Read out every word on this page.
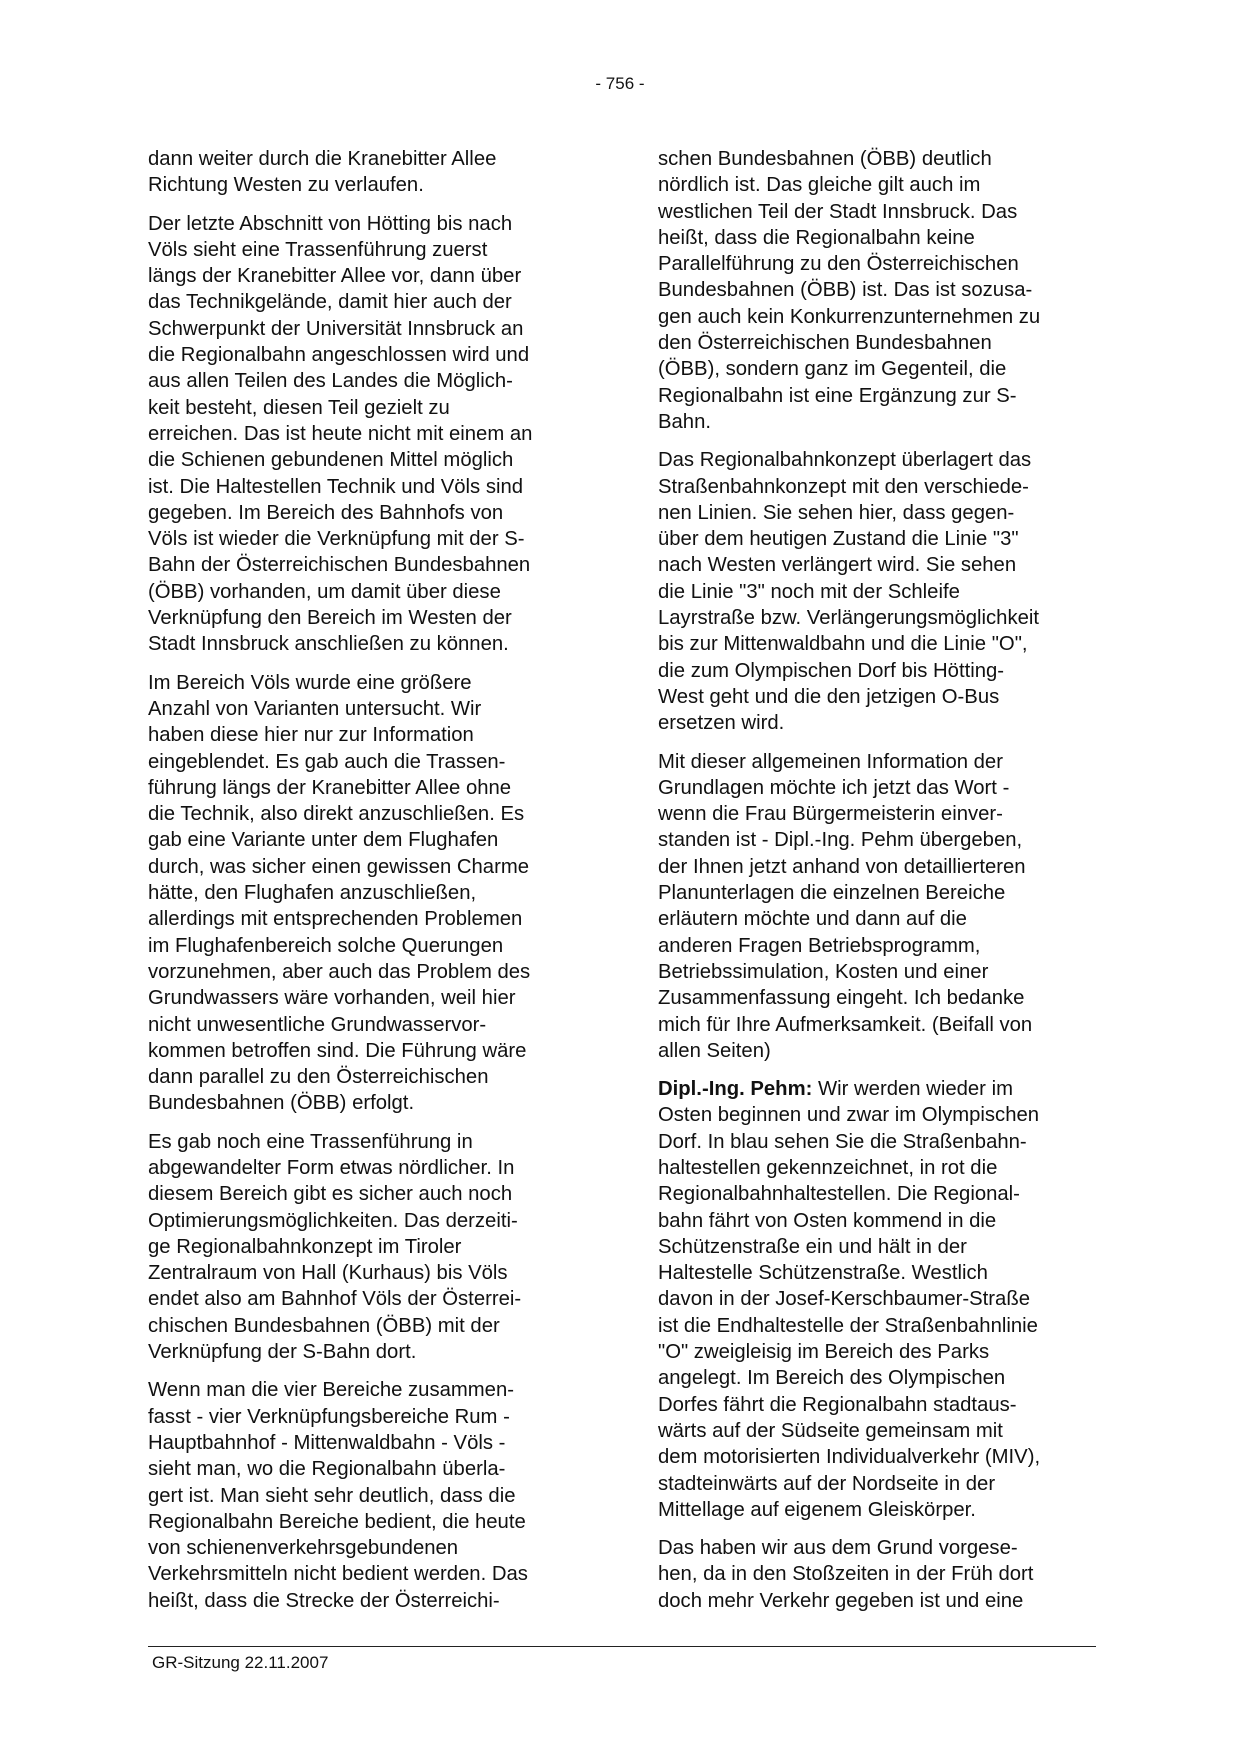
- 756 -
dann weiter durch die Kranebitter Allee
Richtung Westen zu verlaufen.
Der letzte Abschnitt von Hötting bis nach
Völs sieht eine Trassenführung zuerst
längs der Kranebitter Allee vor, dann über
das Technikgelände, damit hier auch der
Schwerpunkt der Universität Innsbruck an
die Regionalbahn angeschlossen wird und
aus allen Teilen des Landes die Möglich-
keit besteht, diesen Teil gezielt zu
erreichen. Das ist heute nicht mit einem an
die Schienen gebundenen Mittel möglich
ist. Die Haltestellen Technik und Völs sind
gegeben. Im Bereich des Bahnhofs von
Völs ist wieder die Verknüpfung mit der S-
Bahn der Österreichischen Bundesbahnen
(ÖBB) vorhanden, um damit über diese
Verknüpfung den Bereich im Westen der
Stadt Innsbruck anschließen zu können.
Im Bereich Völs wurde eine größere
Anzahl von Varianten untersucht. Wir
haben diese hier nur zur Information
eingeblendet. Es gab auch die Trassen-
führung längs der Kranebitter Allee ohne
die Technik, also direkt anzuschließen. Es
gab eine Variante unter dem Flughafen
durch, was sicher einen gewissen Charme
hätte, den Flughafen anzuschließen,
allerdings mit entsprechenden Problemen
im Flughafenbereich solche Querungen
vorzunehmen, aber auch das Problem des
Grundwassers wäre vorhanden, weil hier
nicht unwesentliche Grundwasservor-
kommen betroffen sind. Die Führung wäre
dann parallel zu den Österreichischen
Bundesbahnen (ÖBB) erfolgt.
Es gab noch eine Trassenführung in
abgewandelter Form etwas nördlicher. In
diesem Bereich gibt es sicher auch noch
Optimierungsmöglichkeiten. Das derzeiti-
ge Regionalbahnkonzept im Tiroler
Zentralraum von Hall (Kurhaus) bis Völs
endet also am Bahnhof Völs der Österrei-
chischen Bundesbahnen (ÖBB) mit der
Verknüpfung der S-Bahn dort.
Wenn man die vier Bereiche zusammen-
fasst - vier Verknüpfungsbereiche Rum -
Hauptbahnhof - Mittenwaldbahn - Völs -
sieht man, wo die Regionalbahn überla-
gert ist. Man sieht sehr deutlich, dass die
Regionalbahn Bereiche bedient, die heute
von schienenverkehrsgebundenen
Verkehrsmitteln nicht bedient werden. Das
heißt, dass die Strecke der Österreichi-
schen Bundesbahnen (ÖBB) deutlich
nördlich ist. Das gleiche gilt auch im
westlichen Teil der Stadt Innsbruck. Das
heißt, dass die Regionalbahn keine
Parallelführung zu den Österreichischen
Bundesbahnen (ÖBB) ist. Das ist sozusa-
gen auch kein Konkurrenzunternehmen zu
den Österreichischen Bundesbahnen
(ÖBB), sondern ganz im Gegenteil, die
Regionalbahn ist eine Ergänzung zur S-
Bahn.
Das Regionalbahnkonzept überlagert das
Straßenbahnkonzept mit den verschiede-
nen Linien. Sie sehen hier, dass gegen-
über dem heutigen Zustand die Linie "3"
nach Westen verlängert wird. Sie sehen
die Linie "3" noch mit der Schleife
Layrstraße bzw. Verlängerungsmöglichkeit
bis zur Mittenwaldbahn und die Linie "O",
die zum Olympischen Dorf bis Hötting-
West geht und die den jetzigen O-Bus
ersetzen wird.
Mit dieser allgemeinen Information der
Grundlagen möchte ich jetzt das Wort -
wenn die Frau Bürgermeisterin einver-
standen ist - Dipl.-Ing. Pehm übergeben,
der Ihnen jetzt anhand von detaillierteren
Planunterlagen die einzelnen Bereiche
erläutern möchte und dann auf die
anderen Fragen Betriebsprogramm,
Betriebssimulation, Kosten und einer
Zusammenfassung eingeht. Ich bedanke
mich für Ihre Aufmerksamkeit. (Beifall von
allen Seiten)
Dipl.-Ing. Pehm: Wir werden wieder im
Osten beginnen und zwar im Olympischen
Dorf. In blau sehen Sie die Straßenbahn-
haltestellen gekennzeichnet, in rot die
Regionalbahnhaltestellen. Die Regional-
bahn fährt von Osten kommend in die
Schützenstraße ein und hält in der
Haltestelle Schützenstraße. Westlich
davon in der Josef-Kerschbaumer-Straße
ist die Endhaltestelle der Straßenbahnlinie
"O" zweigleisig im Bereich des Parks
angelegt. Im Bereich des Olympischen
Dorfes fährt die Regionalbahn stadtaus-
wärts auf der Südseite gemeinsam mit
dem motorisierten Individualverkehr (MIV),
stadteinwärts auf der Nordseite in der
Mittellage auf eigenem Gleiskörper.
Das haben wir aus dem Grund vorgese-
hen, da in den Stoßzeiten in der Früh dort
doch mehr Verkehr gegeben ist und eine
GR-Sitzung 22.11.2007
